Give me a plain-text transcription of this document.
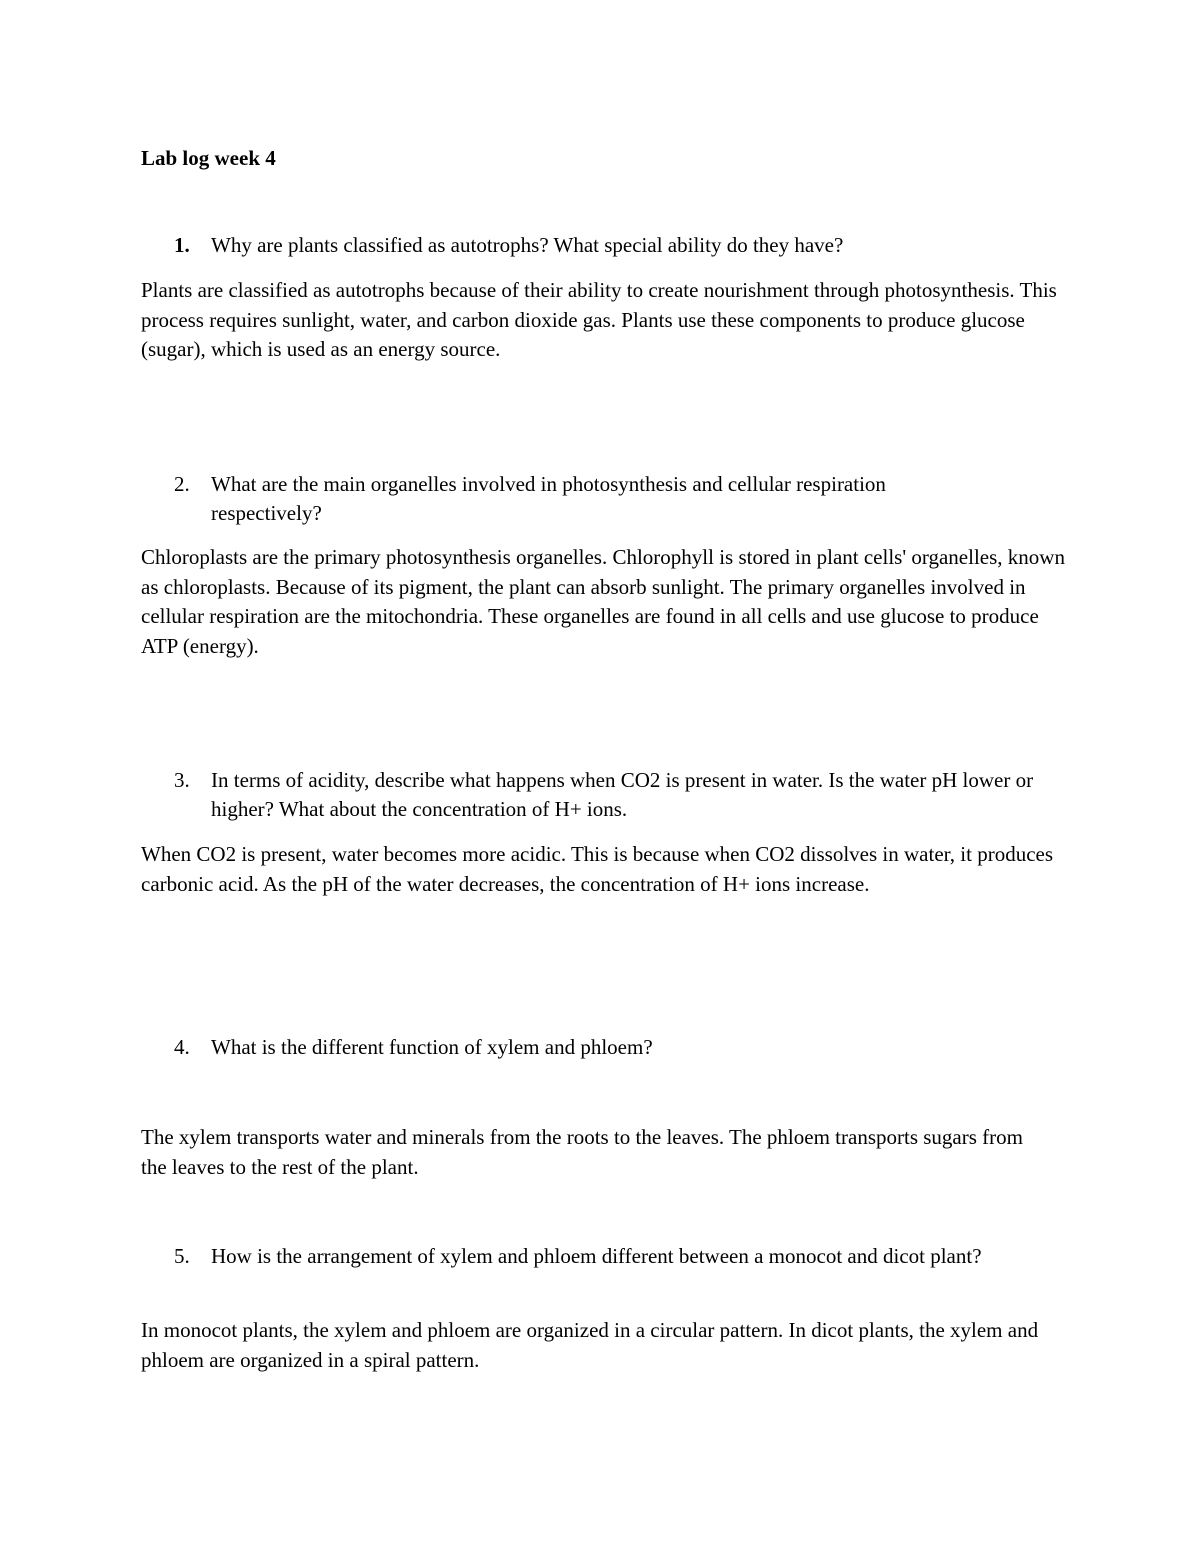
Lab log week 4
1. Why are plants classified as autotrophs? What special ability do they have?
Plants are classified as autotrophs because of their ability to create nourishment through photosynthesis. This process requires sunlight, water, and carbon dioxide gas. Plants use these components to produce glucose (sugar), which is used as an energy source.
2. What are the main organelles involved in photosynthesis and cellular respiration respectively?
Chloroplasts are the primary photosynthesis organelles. Chlorophyll is stored in plant cells' organelles, known as chloroplasts. Because of its pigment, the plant can absorb sunlight. The primary organelles involved in cellular respiration are the mitochondria. These organelles are found in all cells and use glucose to produce ATP (energy).
3. In terms of acidity, describe what happens when CO2 is present in water. Is the water pH lower or higher? What about the concentration of H+ ions.
When CO2 is present, water becomes more acidic. This is because when CO2 dissolves in water, it produces carbonic acid. As the pH of the water decreases, the concentration of H+ ions increase.
4. What is the different function of xylem and phloem?
The xylem transports water and minerals from the roots to the leaves. The phloem transports sugars from the leaves to the rest of the plant.
5. How is the arrangement of xylem and phloem different between a monocot and dicot plant?
In monocot plants, the xylem and phloem are organized in a circular pattern. In dicot plants, the xylem and phloem are organized in a spiral pattern.
